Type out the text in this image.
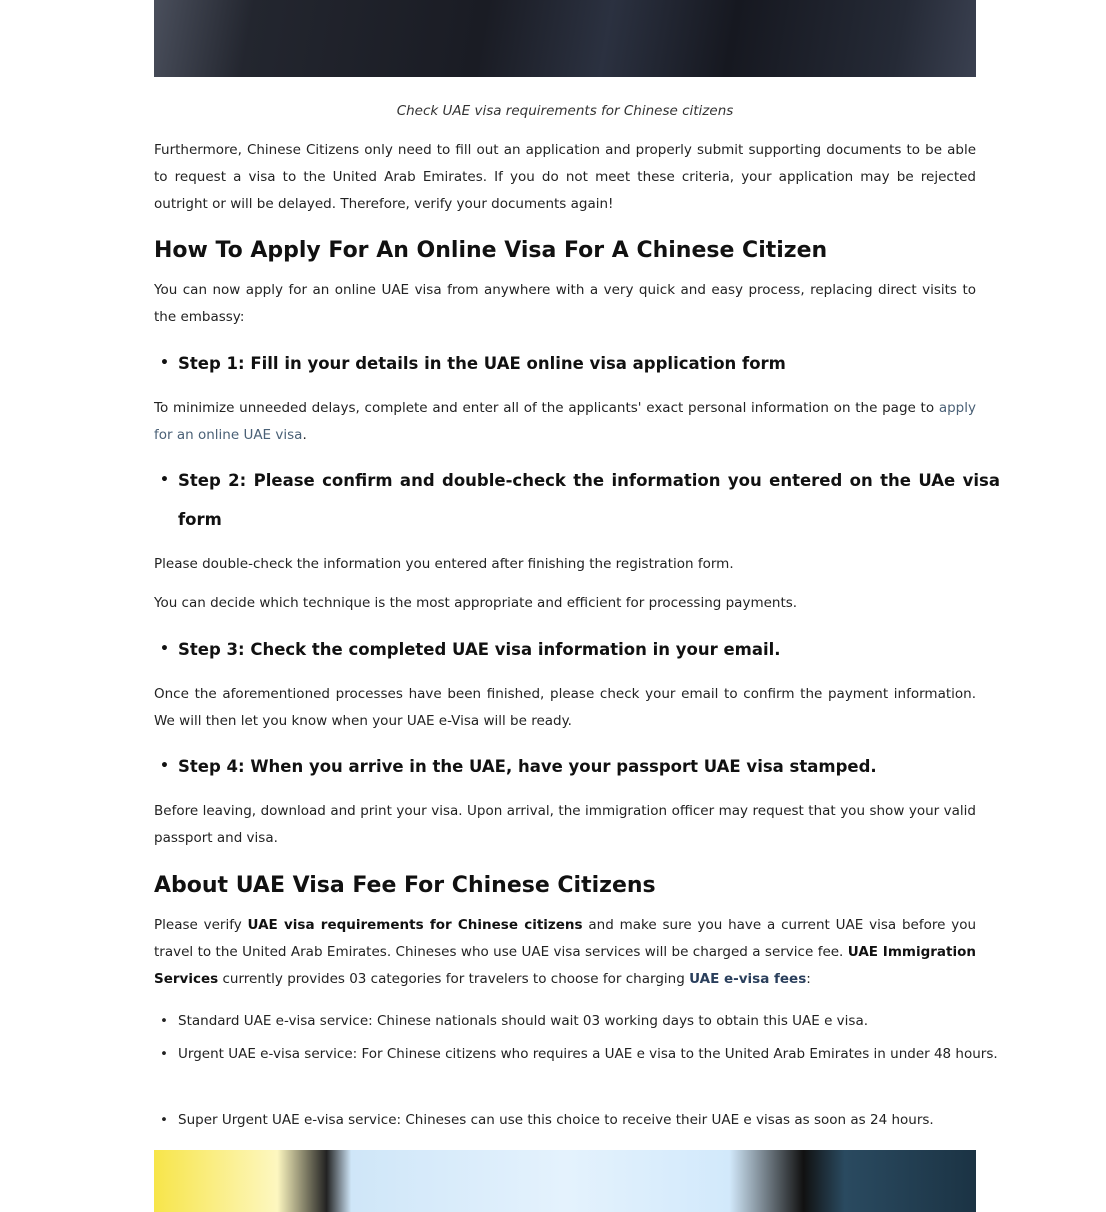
Check UAE visa requirements for Chinese citizens

Furthermore, Chinese Citizens only need to fill out an application and properly submit supporting documents to be able to request a visa to the United Arab Emirates. If you do not meet these criteria, your application may be rejected outright or will be delayed. Therefore, verify your documents again!

How To Apply For An Online Visa For A Chinese Citizen

You can now apply for an online UAE visa from anywhere with a very quick and easy process, replacing direct visits to the embassy:

• Step 1: Fill in your details in the UAE online visa application form

To minimize unneeded delays, complete and enter all of the applicants' exact personal information on the page to apply for an online UAE visa.

• Step 2: Please confirm and double-check the information you entered on the UAe visa form

Please double-check the information you entered after finishing the registration form.

You can decide which technique is the most appropriate and efficient for processing payments.

• Step 3: Check the completed UAE visa information in your email.

Once the aforementioned processes have been finished, please check your email to confirm the payment information. We will then let you know when your UAE e-Visa will be ready.

• Step 4: When you arrive in the UAE, have your passport UAE visa stamped.

Before leaving, download and print your visa. Upon arrival, the immigration officer may request that you show your valid passport and visa.

About UAE Visa Fee For Chinese Citizens

Please verify UAE visa requirements for Chinese citizens and make sure you have a current UAE visa before you travel to the United Arab Emirates. Chineses who use UAE visa services will be charged a service fee. UAE Immigration Services currently provides 03 categories for travelers to choose for charging UAE e-visa fees:

• Standard UAE e-visa service: Chinese nationals should wait 03 working days to obtain this UAE e visa.
• Urgent UAE e-visa service: For Chinese citizens who requires a UAE e visa to the United Arab Emirates in under 48 hours.
• Super Urgent UAE e-visa service: Chineses can use this choice to receive their UAE e visas as soon as 24 hours.
